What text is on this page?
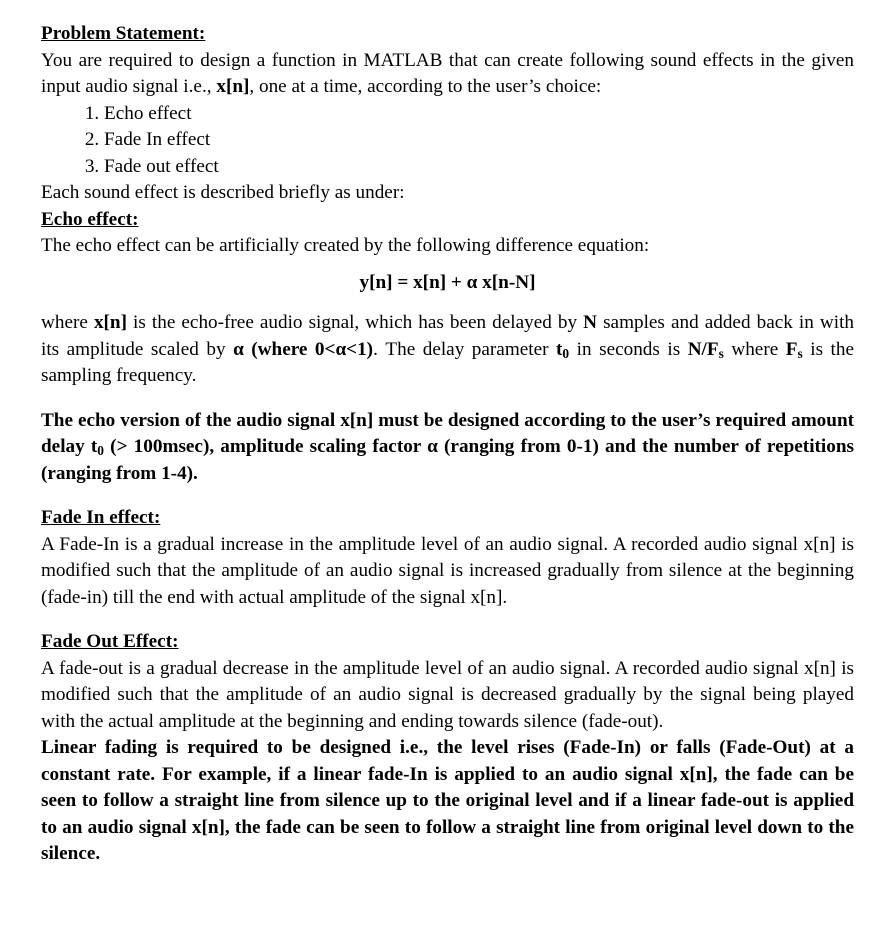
Problem Statement:

You are required to design a function in MATLAB that can create following sound effects in the given input audio signal i.e., x[n], one at a time, according to the user’s choice:

1. Echo effect
2. Fade In effect
3. Fade out effect

Each sound effect is described briefly as under:

Echo effect:

The echo effect can be artificially created by the following difference equation:

y[n] = x[n] + α x[n-N]

where x[n] is the echo-free audio signal, which has been delayed by N samples and added back in with its amplitude scaled by α (where 0<α<1). The delay parameter $t_0$ in seconds is $N/F_s$ where $F_s$ is the sampling frequency.

The echo version of the audio signal x[n] must be designed according to the user’s required amount delay $t_0$ (> 100msec), amplitude scaling factor α (ranging from 0-1) and the number of repetitions (ranging from 1-4).

Fade In effect:

A Fade-In is a gradual increase in the amplitude level of an audio signal. A recorded audio signal x[n] is modified such that the amplitude of an audio signal is increased gradually from silence at the beginning (fade-in) till the end with actual amplitude of the signal x[n].

Fade Out Effect:

A fade-out is a gradual decrease in the amplitude level of an audio signal. A recorded audio signal x[n] is modified such that the amplitude of an audio signal is decreased gradually by the signal being played with the actual amplitude at the beginning and ending towards silence (fade-out).

Linear fading is required to be designed i.e., the level rises (Fade-In) or falls (Fade-Out) at a constant rate. For example, if a linear fade-In is applied to an audio signal x[n], the fade can be seen to follow a straight line from silence up to the original level and if a linear fade-out is applied to an audio signal x[n], the fade can be seen to follow a straight line from original level down to the silence.
